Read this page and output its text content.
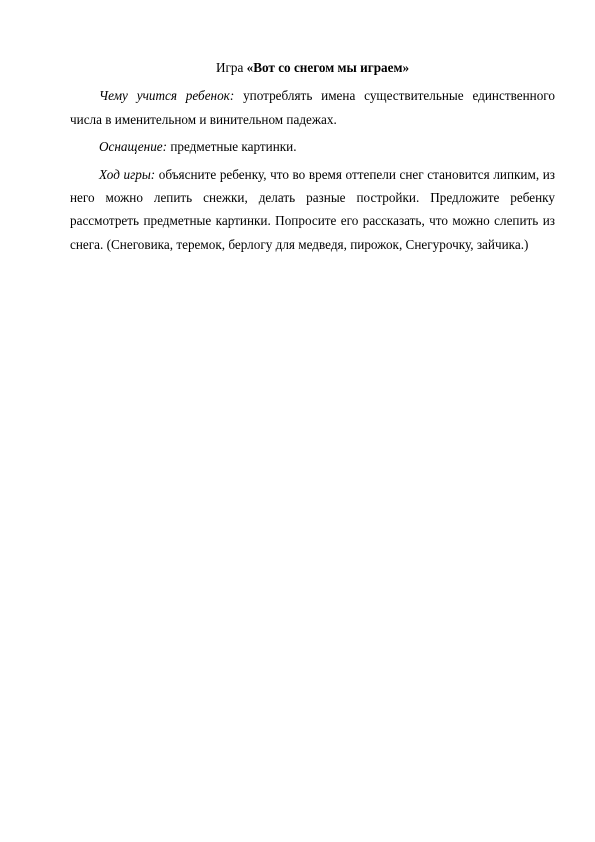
Игра «Вот со снегом мы играем»

Чему учится ребенок: употреблять имена существительные единственного числа в именительном и винительном падежах.

Оснащение: предметные картинки.

Ход игры: объясните ребенку, что во время оттепели снег становится липким, из него можно лепить снежки, делать разные постройки. Предложите ребенку рассмотреть предметные картинки. Попросите его рассказать, что можно слепить из снега. (Снеговика, теремок, берлогу для медведя, пирожок, Снегурочку, зайчика.)
